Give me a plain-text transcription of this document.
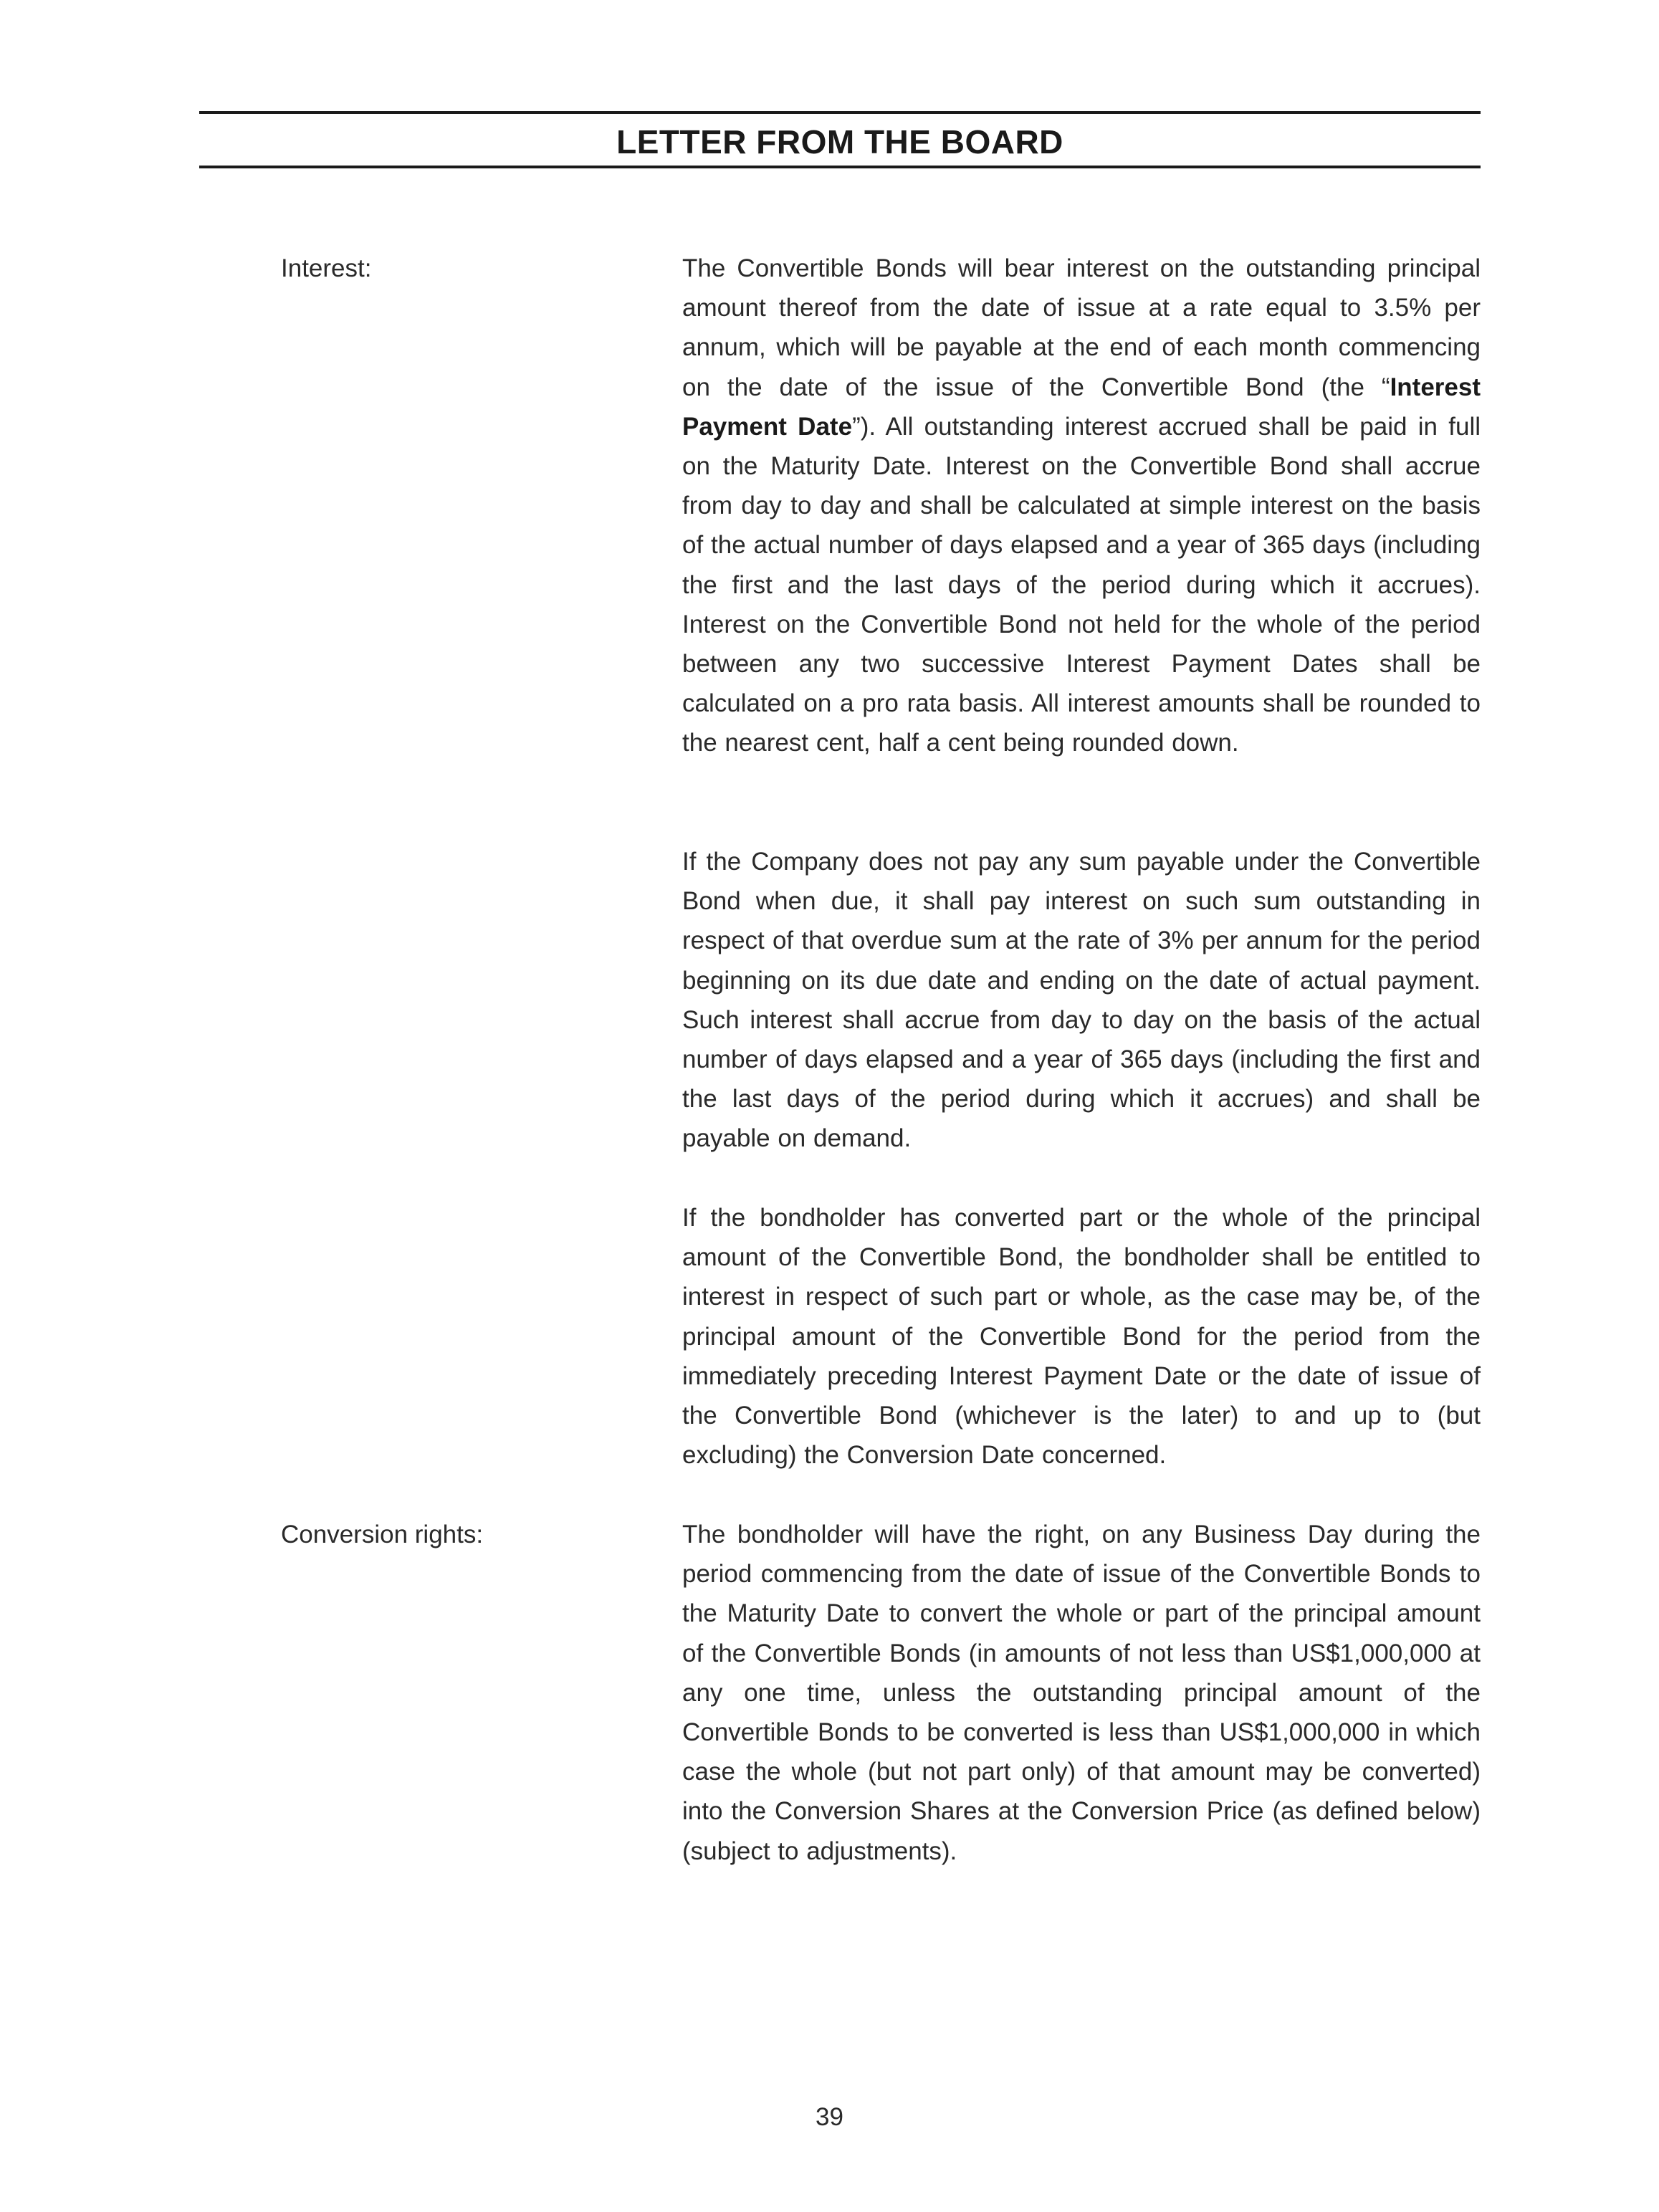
LETTER FROM THE BOARD
Interest:	The Convertible Bonds will bear interest on the outstanding principal amount thereof from the date of issue at a rate equal to 3.5% per annum, which will be payable at the end of each month commencing on the date of the issue of the Convertible Bond (the “Interest Payment Date”). All outstanding interest accrued shall be paid in full on the Maturity Date. Interest on the Convertible Bond shall accrue from day to day and shall be calculated at simple interest on the basis of the actual number of days elapsed and a year of 365 days (including the first and the last days of the period during which it accrues). Interest on the Convertible Bond not held for the whole of the period between any two successive Interest Payment Dates shall be calculated on a pro rata basis. All interest amounts shall be rounded to the nearest cent, half a cent being rounded down.

If the Company does not pay any sum payable under the Convertible Bond when due, it shall pay interest on such sum outstanding in respect of that overdue sum at the rate of 3% per annum for the period beginning on its due date and ending on the date of actual payment. Such interest shall accrue from day to day on the basis of the actual number of days elapsed and a year of 365 days (including the first and the last days of the period during which it accrues) and shall be payable on demand.

If the bondholder has converted part or the whole of the principal amount of the Convertible Bond, the bondholder shall be entitled to interest in respect of such part or whole, as the case may be, of the principal amount of the Convertible Bond for the period from the immediately preceding Interest Payment Date or the date of issue of the Convertible Bond (whichever is the later) to and up to (but excluding) the Conversion Date concerned.

Conversion rights:	The bondholder will have the right, on any Business Day during the period commencing from the date of issue of the Convertible Bonds to the Maturity Date to convert the whole or part of the principal amount of the Convertible Bonds (in amounts of not less than US$1,000,000 at any one time, unless the outstanding principal amount of the Convertible Bonds to be converted is less than US$1,000,000 in which case the whole (but not part only) of that amount may be converted) into the Conversion Shares at the Conversion Price (as defined below) (subject to adjustments).

39
